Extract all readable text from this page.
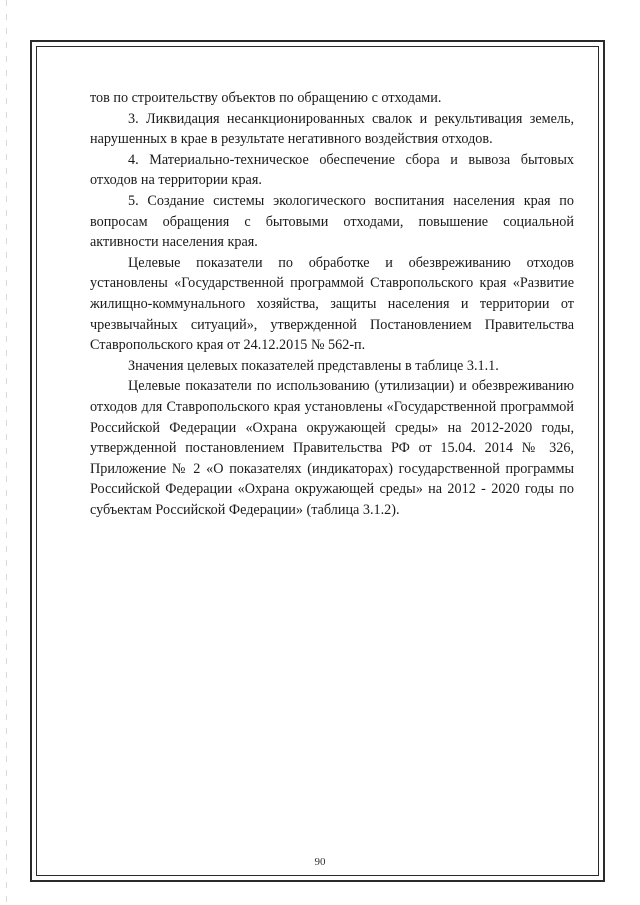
тов по строительству объектов по обращению с отходами.

3. Ликвидация несанкционированных свалок и рекультивация земель, нарушенных в крае в результате негативного воздействия отходов.

4. Материально-техническое обеспечение сбора и вывоза бытовых отходов на территории края.

5. Создание системы экологического воспитания населения края по вопросам обращения с бытовыми отходами, повышение социальной активности населения края.

Целевые показатели по обработке и обезвреживанию отходов установлены «Государственной программой Ставропольского края «Развитие жилищно-коммунального хозяйства, защиты населения и территории от чрезвычайных ситуаций», утвержденной Постановлением Правительства Ставропольского края от 24.12.2015 № 562-п.

Значения целевых показателей представлены в таблице 3.1.1.

Целевые показатели по использованию (утилизации) и обезвреживанию отходов для Ставропольского края установлены «Государственной программой Российской Федерации «Охрана окружающей среды» на 2012-2020 годы, утвержденной постановлением Правительства РФ от 15.04. 2014 № 326, Приложение № 2 «О показателях (индикаторах) государственной программы Российской Федерации «Охрана окружающей среды» на 2012 - 2020 годы по субъектам Российской Федерации» (таблица 3.1.2).

90
